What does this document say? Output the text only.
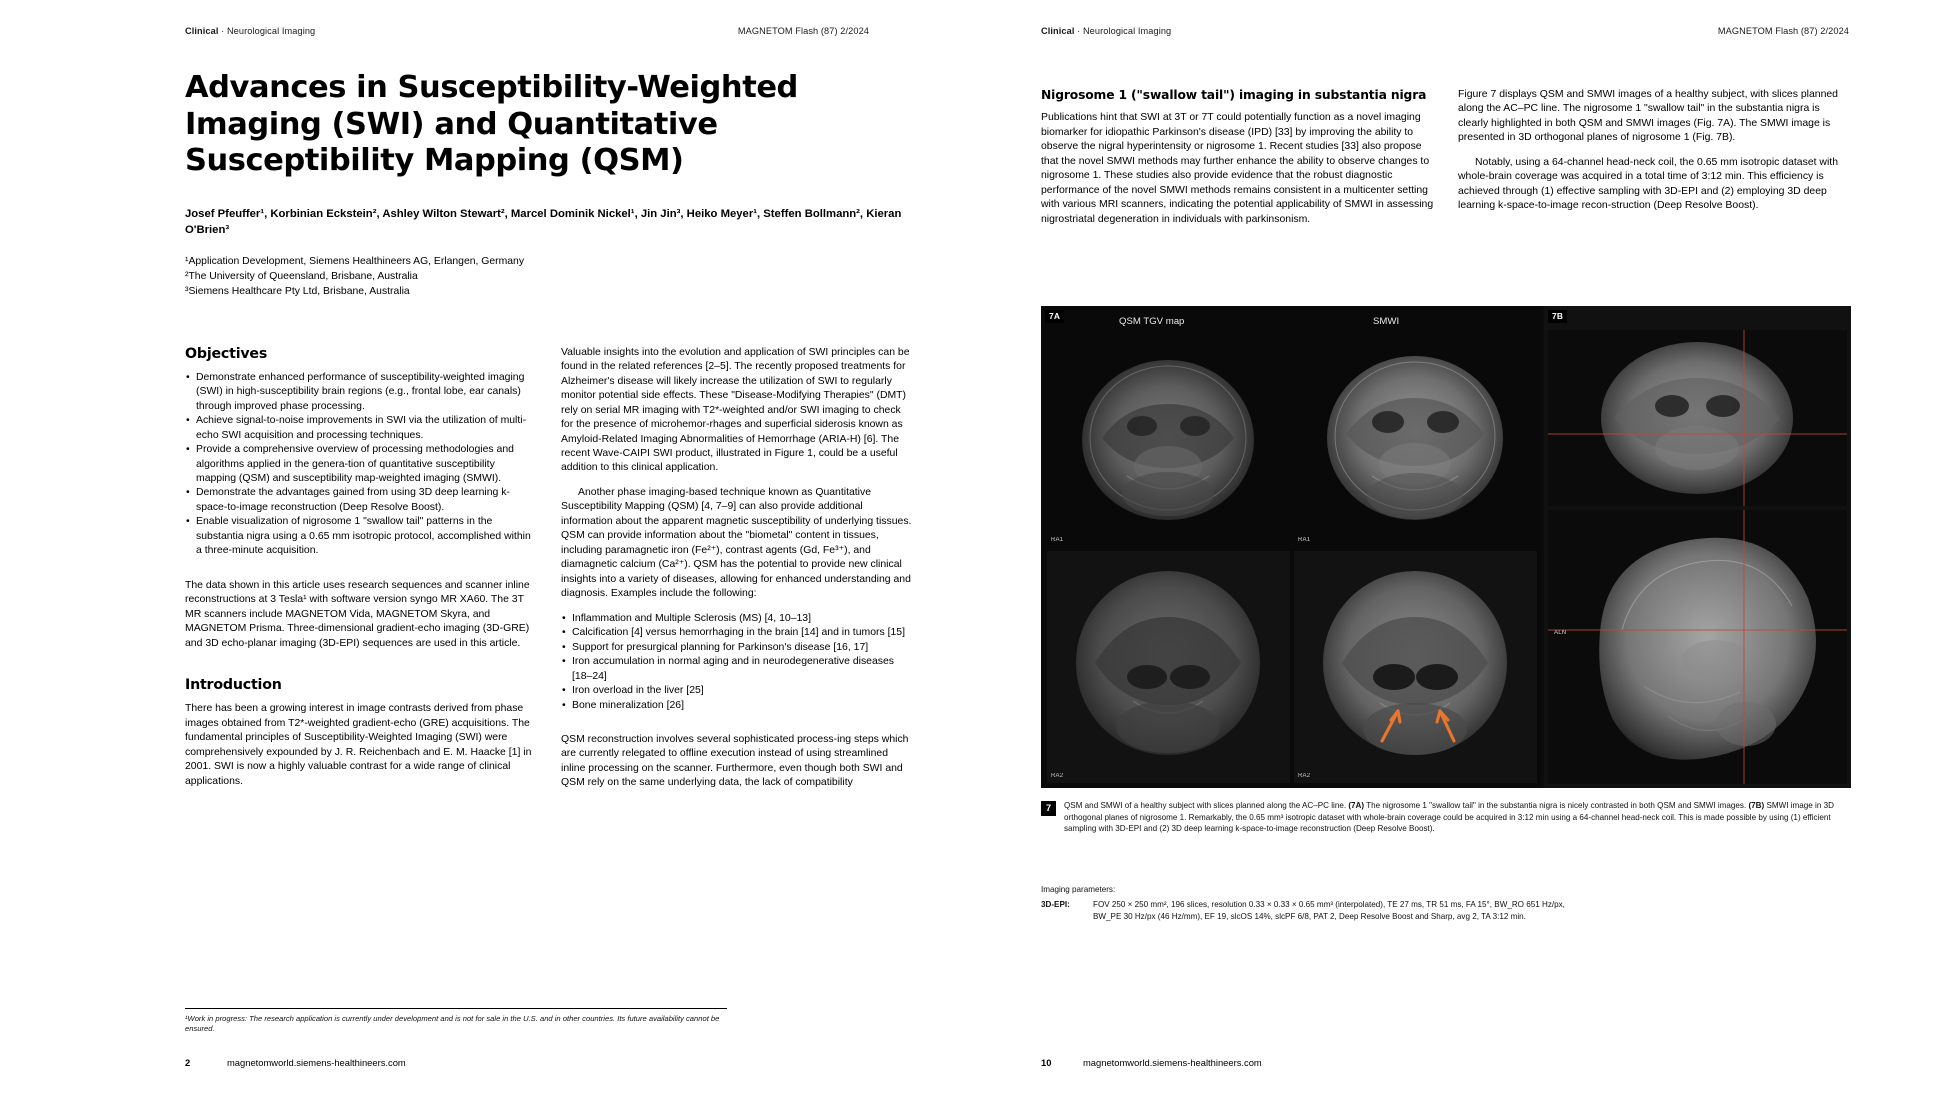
Clinical · Neurological Imaging	MAGNETOM Flash (87) 2/2024
Advances in Susceptibility-Weighted Imaging (SWI) and Quantitative Susceptibility Mapping (QSM)
Josef Pfeuffer¹, Korbinian Eckstein², Ashley Wilton Stewart², Marcel Dominik Nickel¹, Jin Jin³, Heiko Meyer¹, Steffen Bollmann², Kieran O'Brien³
¹Application Development, Siemens Healthineers AG, Erlangen, Germany
²The University of Queensland, Brisbane, Australia
³Siemens Healthcare Pty Ltd, Brisbane, Australia
Objectives
• Demonstrate enhanced performance of susceptibility-weighted imaging (SWI) in high-susceptibility brain regions (e.g., frontal lobe, ear canals) through improved phase processing.
• Achieve signal-to-noise improvements in SWI via the utilization of multi-echo SWI acquisition and processing techniques.
• Provide a comprehensive overview of processing methodologies and algorithms applied in the genera-tion of quantitative susceptibility mapping (QSM) and susceptibility map-weighted imaging (SMWI).
• Demonstrate the advantages gained from using 3D deep learning k-space-to-image reconstruction (Deep Resolve Boost).
• Enable visualization of nigrosome 1 "swallow tail" patterns in the substantia nigra using a 0.65 mm isotropic protocol, accomplished within a three-minute acquisition.

The data shown in this article uses research sequences and scanner inline reconstructions at 3 Tesla¹ with software version syngo MR XA60. The 3T MR scanners include MAGNETOM Vida, MAGNETOM Skyra, and MAGNETOM Prisma. Three-dimensional gradient-echo imaging (3D-GRE) and 3D echo-planar imaging (3D-EPI) sequences are used in this article.

Introduction

There has been a growing interest in image contrasts derived from phase images obtained from T2*-weighted gradient-echo (GRE) acquisitions. The fundamental principles of Susceptibility-Weighted Imaging (SWI) were comprehensively expounded by J. R. Reichenbach and E. M. Haacke [1] in 2001. SWI is now a highly valuable contrast for a wide range of clinical applications.

Valuable insights into the evolution and application of SWI principles can be found in the related references [2–5]. The recently proposed treatments for Alzheimer's disease will likely increase the utilization of SWI to regularly monitor potential side effects. These "Disease-Modifying Therapies" (DMT) rely on serial MR imaging with T2*-weighted and/or SWI imaging to check for the presence of microhemor-rhages and superficial siderosis known as Amyloid-Related Imaging Abnormalities of Hemorrhage (ARIA-H) [6]. The recent Wave-CAIPI SWI product, illustrated in Figure 1, could be a useful addition to this clinical application.

Another phase imaging-based technique known as Quantitative Susceptibility Mapping (QSM) [4, 7–9] can also provide additional information about the apparent magnetic susceptibility of underlying tissues. QSM can provide information about the "biometal" content in tissues, including paramagnetic iron (Fe²⁺), contrast agents (Gd, Fe³⁺), and diamagnetic calcium (Ca²⁺). QSM has the potential to provide new clinical insights into a variety of diseases, allowing for enhanced understanding and diagnosis. Examples include the following:

• Inflammation and Multiple Sclerosis (MS) [4, 10–13]
• Calcification [4] versus hemorrhaging in the brain [14] and in tumors [15]
• Support for presurgical planning for Parkinson's disease [16, 17]
• Iron accumulation in normal aging and in neurodegenerative diseases [18–24]
• Iron overload in the liver [25]
• Bone mineralization [26]

QSM reconstruction involves several sophisticated process-ing steps which are currently relegated to offline execution instead of using streamlined inline processing on the scanner. Furthermore, even though both SWI and QSM rely on the same underlying data, the lack of compatibility

¹Work in progress: The research application is currently under development and is not for sale in the U.S. and in other countries. Its future availability cannot be ensured.
2	magnetomworld.siemens-healthineers.com
Clinical · Neurological Imaging	MAGNETOM Flash (87) 2/2024
Nigrosome 1 ("swallow tail") imaging in substantia nigra

Publications hint that SWI at 3T or 7T could potentially function as a novel imaging biomarker for idiopathic Parkinson's disease (IPD) [33] by improving the ability to observe the nigral hyperintensity or nigrosome 1. Recent studies [33] also propose that the novel SMWI methods may further enhance the ability to observe changes to nigrosome 1. These studies also provide evidence that the robust diagnostic performance of the novel SMWI methods remains consistent in a multicenter setting with various MRI scanners, indicating the potential applicability of SMWI in assessing nigrostriatal degeneration in individuals with parkinsonism.

Figure 7 displays QSM and SMWI images of a healthy subject, with slices planned along the AC–PC line. The nigrosome 1 "swallow tail" in the substantia nigra is clearly highlighted in both QSM and SMWI images (Fig. 7A). The SMWI image is presented in 3D orthogonal planes of nigrosome 1 (Fig. 7B).

Notably, using a 64-channel head-neck coil, the 0.65 mm isotropic dataset with whole-brain coverage was acquired in a total time of 3:12 min. This efficiency is achieved through (1) effective sampling with 3D-EPI and (2) employing 3D deep learning k-space-to-image recon-struction (Deep Resolve Boost).

7A	QSM TGV map	SMWI
RA1	RA1
RA2	RA2
7B
ALN
7	QSM and SMWI of a healthy subject with slices planned along the AC–PC line. (7A) The nigrosome 1 "swallow tail" in the substantia nigra is nicely contrasted in both QSM and SMWI images. (7B) SMWI image in 3D orthogonal planes of nigrosome 1. Remarkably, the 0.65 mm³ isotropic dataset with whole-brain coverage could be acquired in 3:12 min using a 64-channel head-neck coil. This is made possible by using (1) efficient sampling with 3D-EPI and (2) 3D deep learning k-space-to-image reconstruction (Deep Resolve Boost).
Imaging parameters:
3D-EPI:	FOV 250 × 250 mm², 196 slices, resolution 0.33 × 0.33 × 0.65 mm³ (interpolated), TE 27 ms, TR 51 ms, FA 15°, BW_RO 651 Hz/px,
BW_PE 30 Hz/px (46 Hz/mm), EF 19, slcOS 14%, slcPF 6/8, PAT 2, Deep Resolve Boost and Sharp, avg 2, TA 3:12 min.
10	magnetomworld.siemens-healthineers.com
